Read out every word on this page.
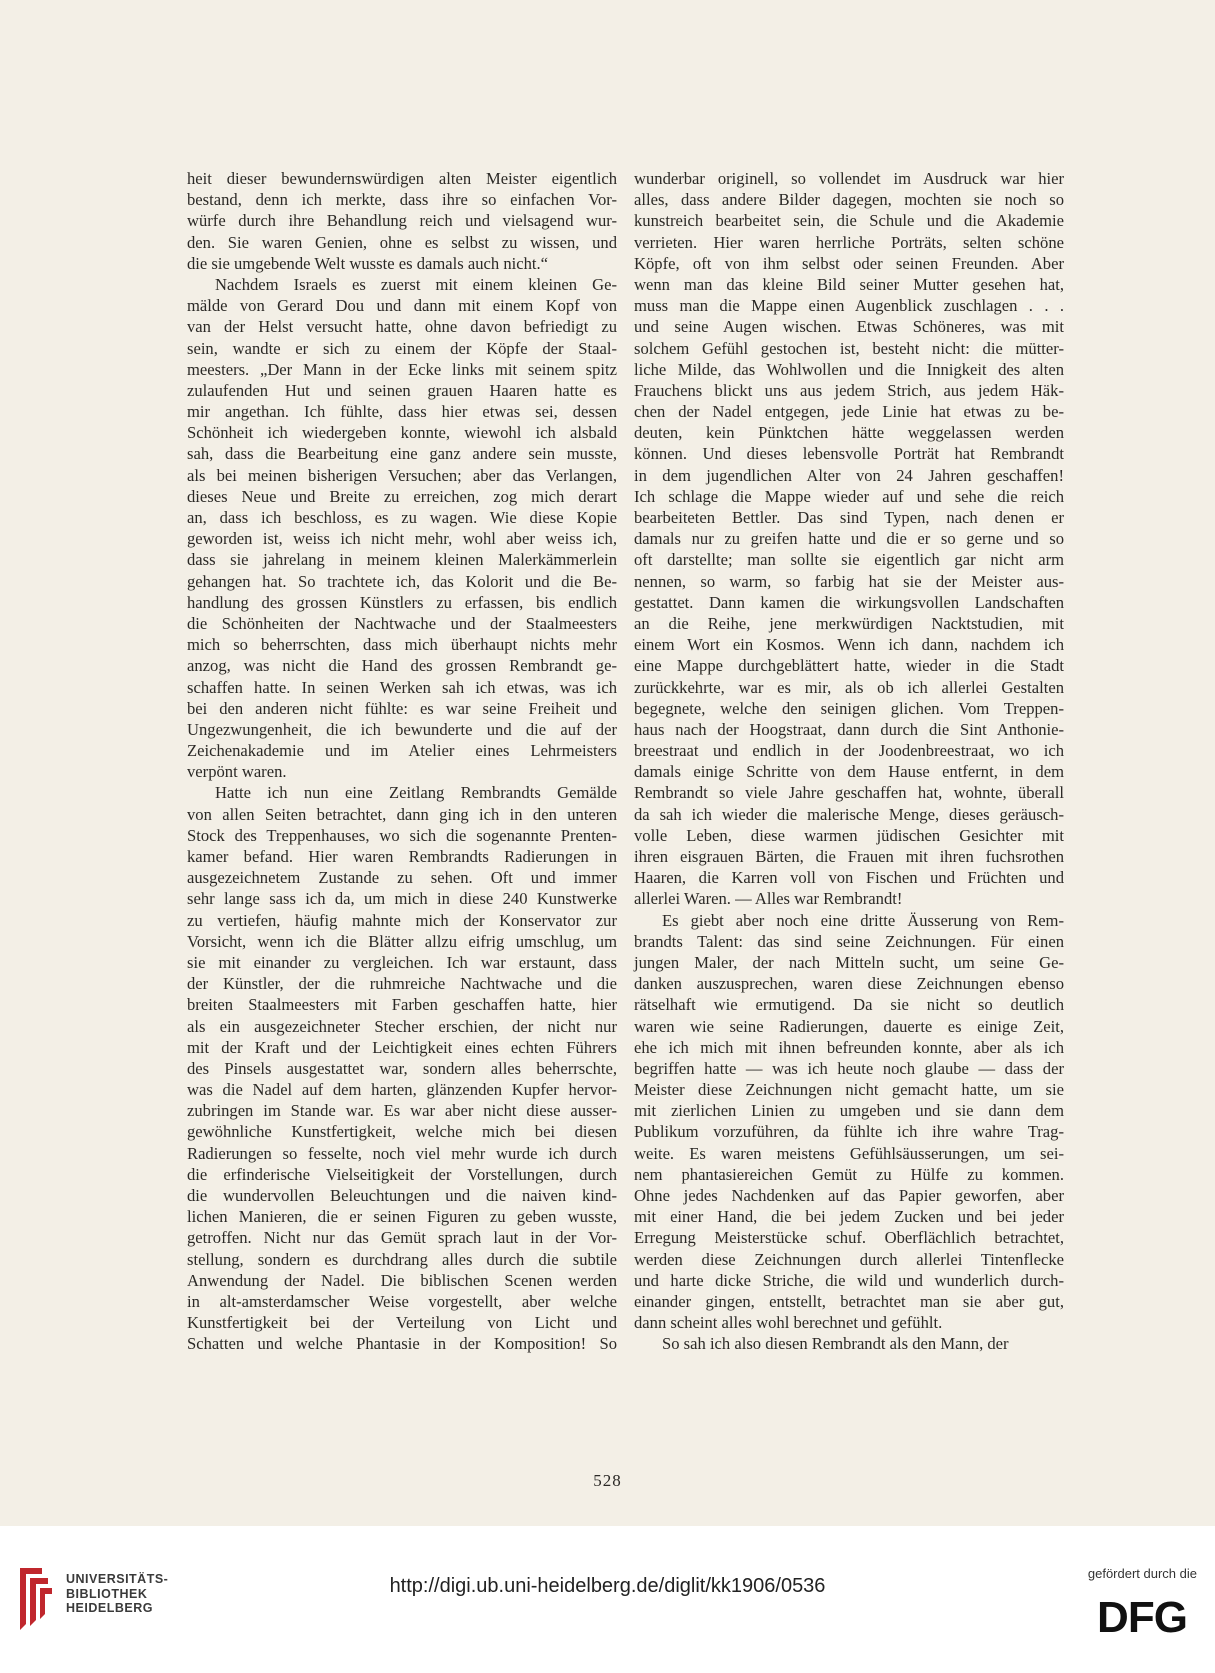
heit dieser bewundernswürdigen alten Meister eigentlich
bestand, denn ich merkte, dass ihre so einfachen Vor-
würfe durch ihre Behandlung reich und vielsagend wur-
den. Sie waren Genien, ohne es selbst zu wissen, und
die sie umgebende Welt wusste es damals auch nicht.“
Nachdem Israels es zuerst mit einem kleinen Ge-
mälde von Gerard Dou und dann mit einem Kopf von
van der Helst versucht hatte, ohne davon befriedigt zu
sein, wandte er sich zu einem der Köpfe der Staal-
meesters. „Der Mann in der Ecke links mit seinem spitz
zulaufenden Hut und seinen grauen Haaren hatte es
mir angethan. Ich fühlte, dass hier etwas sei, dessen
Schönheit ich wiedergeben konnte, wiewohl ich alsbald
sah, dass die Bearbeitung eine ganz andere sein musste,
als bei meinen bisherigen Versuchen; aber das Verlangen,
dieses Neue und Breite zu erreichen, zog mich derart
an, dass ich beschloss, es zu wagen. Wie diese Kopie
geworden ist, weiss ich nicht mehr, wohl aber weiss ich,
dass sie jahrelang in meinem kleinen Malerkämmerlein
gehangen hat. So trachtete ich, das Kolorit und die Be-
handlung des grossen Künstlers zu erfassen, bis endlich
die Schönheiten der Nachtwache und der Staalmeesters
mich so beherrschten, dass mich überhaupt nichts mehr
anzog, was nicht die Hand des grossen Rembrandt ge-
schaffen hatte. In seinen Werken sah ich etwas, was ich
bei den anderen nicht fühlte: es war seine Freiheit und
Ungezwungenheit, die ich bewunderte und die auf der
Zeichenakademie und im Atelier eines Lehrmeisters
verpönt waren.
Hatte ich nun eine Zeitlang Rembrandts Gemälde
von allen Seiten betrachtet, dann ging ich in den unteren
Stock des Treppenhauses, wo sich die sogenannte Prenten-
kamer befand. Hier waren Rembrandts Radierungen in
ausgezeichnetem Zustande zu sehen. Oft und immer
sehr lange sass ich da, um mich in diese 240 Kunstwerke
zu vertiefen, häufig mahnte mich der Konservator zur
Vorsicht, wenn ich die Blätter allzu eifrig umschlug, um
sie mit einander zu vergleichen. Ich war erstaunt, dass
der Künstler, der die ruhmreiche Nachtwache und die
breiten Staalmeesters mit Farben geschaffen hatte, hier
als ein ausgezeichneter Stecher erschien, der nicht nur
mit der Kraft und der Leichtigkeit eines echten Führers
des Pinsels ausgestattet war, sondern alles beherrschte,
was die Nadel auf dem harten, glänzenden Kupfer hervor-
zubringen im Stande war. Es war aber nicht diese ausser-
gewöhnliche Kunstfertigkeit, welche mich bei diesen
Radierungen so fesselte, noch viel mehr wurde ich durch
die erfinderische Vielseitigkeit der Vorstellungen, durch
die wundervollen Beleuchtungen und die naiven kind-
lichen Manieren, die er seinen Figuren zu geben wusste,
getroffen. Nicht nur das Gemüt sprach laut in der Vor-
stellung, sondern es durchdrang alles durch die subtile
Anwendung der Nadel. Die biblischen Scenen werden
in alt-amsterdamscher Weise vorgestellt, aber welche
Kunstfertigkeit bei der Verteilung von Licht und
Schatten und welche Phantasie in der Komposition! So
wunderbar originell, so vollendet im Ausdruck war hier
alles, dass andere Bilder dagegen, mochten sie noch so
kunstreich bearbeitet sein, die Schule und die Akademie
verrieten. Hier waren herrliche Porträts, selten schöne
Köpfe, oft von ihm selbst oder seinen Freunden. Aber
wenn man das kleine Bild seiner Mutter gesehen hat,
muss man die Mappe einen Augenblick zuschlagen . . .
und seine Augen wischen. Etwas Schöneres, was mit
solchem Gefühl gestochen ist, besteht nicht: die mütter-
liche Milde, das Wohlwollen und die Innigkeit des alten
Frauchens blickt uns aus jedem Strich, aus jedem Häk-
chen der Nadel entgegen, jede Linie hat etwas zu be-
deuten, kein Pünktchen hätte weggelassen werden
können. Und dieses lebensvolle Porträt hat Rembrandt
in dem jugendlichen Alter von 24 Jahren geschaffen!
Ich schlage die Mappe wieder auf und sehe die reich
bearbeiteten Bettler. Das sind Typen, nach denen er
damals nur zu greifen hatte und die er so gerne und so
oft darstellte; man sollte sie eigentlich gar nicht arm
nennen, so warm, so farbig hat sie der Meister aus-
gestattet. Dann kamen die wirkungsvollen Landschaften
an die Reihe, jene merkwürdigen Nacktstudien, mit
einem Wort ein Kosmos. Wenn ich dann, nachdem ich
eine Mappe durchgeblättert hatte, wieder in die Stadt
zurückkehrte, war es mir, als ob ich allerlei Gestalten
begegnete, welche den seinigen glichen. Vom Treppen-
haus nach der Hoogstraat, dann durch die Sint Anthonie-
breestraat und endlich in der Joodenbreestraat, wo ich
damals einige Schritte von dem Hause entfernt, in dem
Rembrandt so viele Jahre geschaffen hat, wohnte, überall
da sah ich wieder die malerische Menge, dieses geräusch-
volle Leben, diese warmen jüdischen Gesichter mit
ihren eisgrauen Bärten, die Frauen mit ihren fuchsrothen
Haaren, die Karren voll von Fischen und Früchten und
allerlei Waren. — Alles war Rembrandt!
Es giebt aber noch eine dritte Äusserung von Rem-
brandts Talent: das sind seine Zeichnungen. Für einen
jungen Maler, der nach Mitteln sucht, um seine Ge-
danken auszusprechen, waren diese Zeichnungen ebenso
rätselhaft wie ermutigend. Da sie nicht so deutlich
waren wie seine Radierungen, dauerte es einige Zeit,
ehe ich mich mit ihnen befreunden konnte, aber als ich
begriffen hatte — was ich heute noch glaube — dass der
Meister diese Zeichnungen nicht gemacht hatte, um sie
mit zierlichen Linien zu umgeben und sie dann dem
Publikum vorzuführen, da fühlte ich ihre wahre Trag-
weite. Es waren meistens Gefühlsäusserungen, um sei-
nem phantasiereichen Gemüt zu Hülfe zu kommen.
Ohne jedes Nachdenken auf das Papier geworfen, aber
mit einer Hand, die bei jedem Zucken und bei jeder
Erregung Meisterstücke schuf. Oberflächlich betrachtet,
werden diese Zeichnungen durch allerlei Tintenflecke
und harte dicke Striche, die wild und wunderlich durch-
einander gingen, entstellt, betrachtet man sie aber gut,
dann scheint alles wohl berechnet und gefühlt.
So sah ich also diesen Rembrandt als den Mann, der
528
UNIVERSITÄTS-
BIBLIOTHEK
HEIDELBERG
http://digi.ub.uni-heidelberg.de/diglit/kk1906/0536
gefördert durch die
DFG
